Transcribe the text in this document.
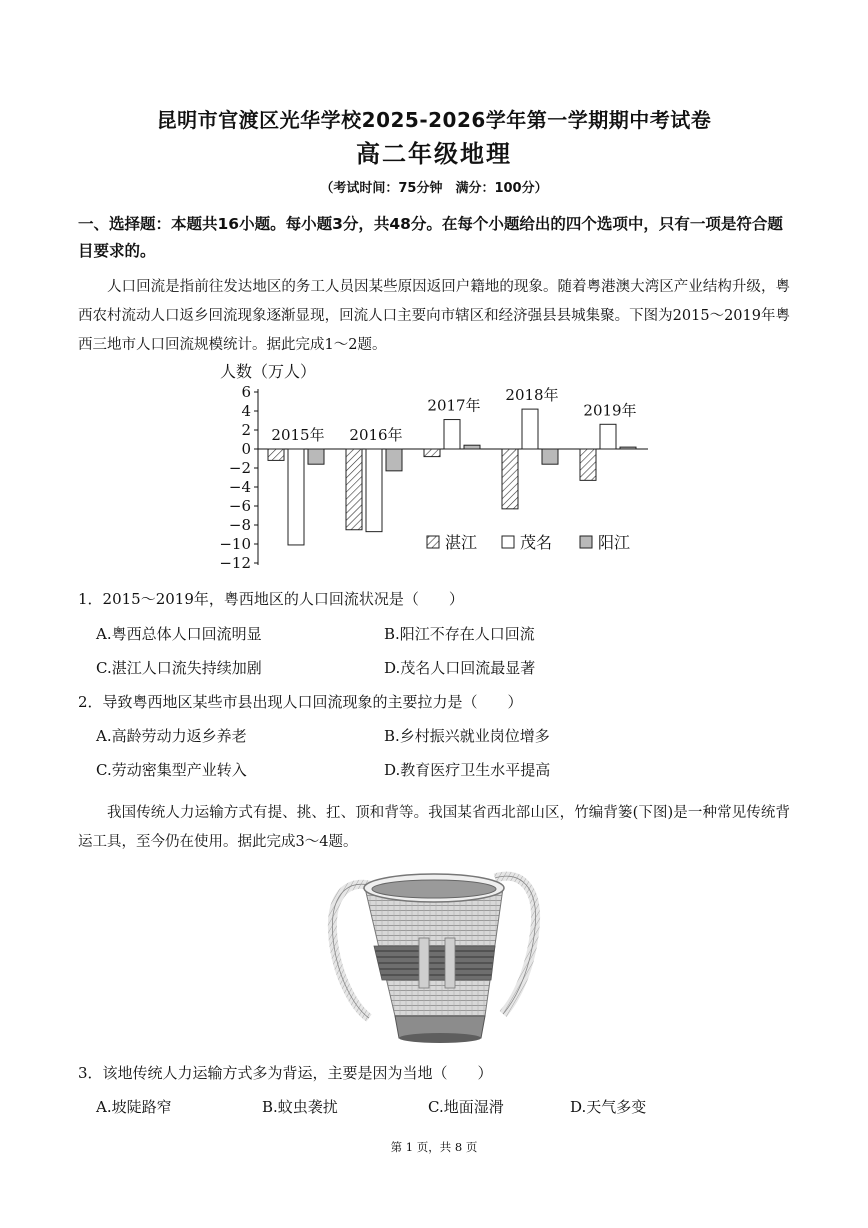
昆明市官渡区光华学校2025-2026学年第一学期期中考试卷
高二年级地理
（考试时间：75分钟　满分：100分）
一、选择题：本题共16小题。每小题3分，共48分。在每个小题给出的四个选项中，只有一项是符合题目要求的。
人口回流是指前往发达地区的务工人员因某些原因返回户籍地的现象。随着粤港澳大湾区产业结构升级，粤西农村流动人口返乡回流现象逐渐显现，回流人口主要向市辖区和经济强县县城集聚。下图为2015～2019年粤西三地市人口回流规模统计。据此完成1～2题。
人数（万人）
6
4
2
0
−2
−4
−6
−8
−10
−12
2015年 2016年
2017年
2018年
2019年
湛江	茂名	阳江
1．2015～2019年，粤西地区的人口回流状况是（　　）
A.粤西总体人口回流明显	B.阳江不存在人口回流
C.湛江人口流失持续加剧	D.茂名人口回流最显著
2．导致粤西地区某些市县出现人口回流现象的主要拉力是（　　）
A.高龄劳动力返乡养老	B.乡村振兴就业岗位增多
C.劳动密集型产业转入	D.教育医疗卫生水平提高
我国传统人力运输方式有提、挑、扛、顶和背等。我国某省西北部山区，竹编背篓(下图)是一种常见传统背运工具，至今仍在使用。据此完成3～4题。
3．该地传统人力运输方式多为背运，主要是因为当地（　　）
A.坡陡路窄	B.蚊虫袭扰	C.地面湿滑	D.天气多变
第 1 页，共 8 页
